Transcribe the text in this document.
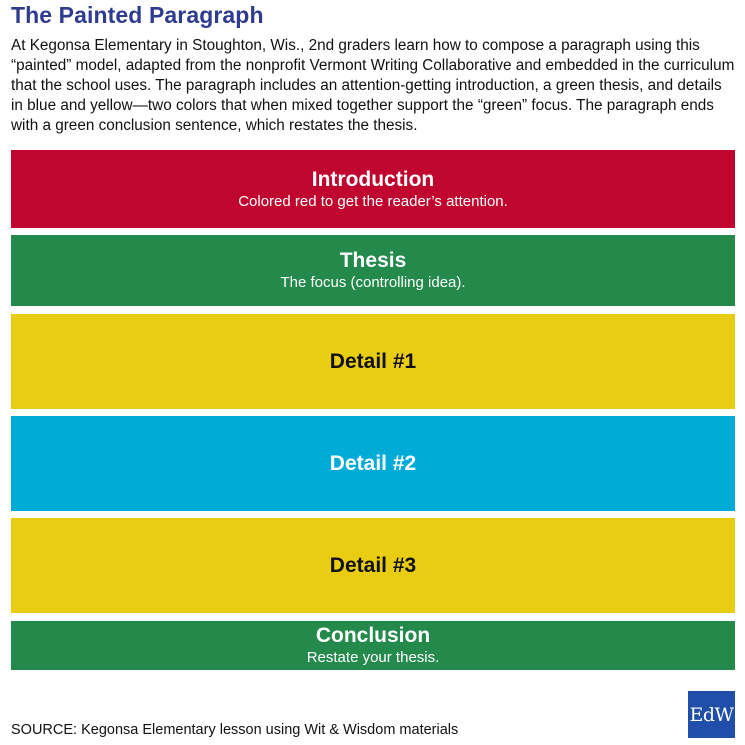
The Painted Paragraph
At Kegonsa Elementary in Stoughton, Wis., 2nd graders learn how to compose a paragraph using this “painted” model, adapted from the nonprofit Vermont Writing Collaborative and embedded in the curriculum that the school uses. The paragraph includes an attention-getting introduction, a green thesis, and details in blue and yellow—two colors that when mixed together support the “green” focus. The paragraph ends with a green conclusion sentence, which restates the thesis.
Introduction
Colored red to get the reader’s attention.
Thesis
The focus (controlling idea).
Detail #1
Detail #2
Detail #3
Conclusion
Restate your thesis.
SOURCE: Kegonsa Elementary lesson using Wit & Wisdom materials
EdW
